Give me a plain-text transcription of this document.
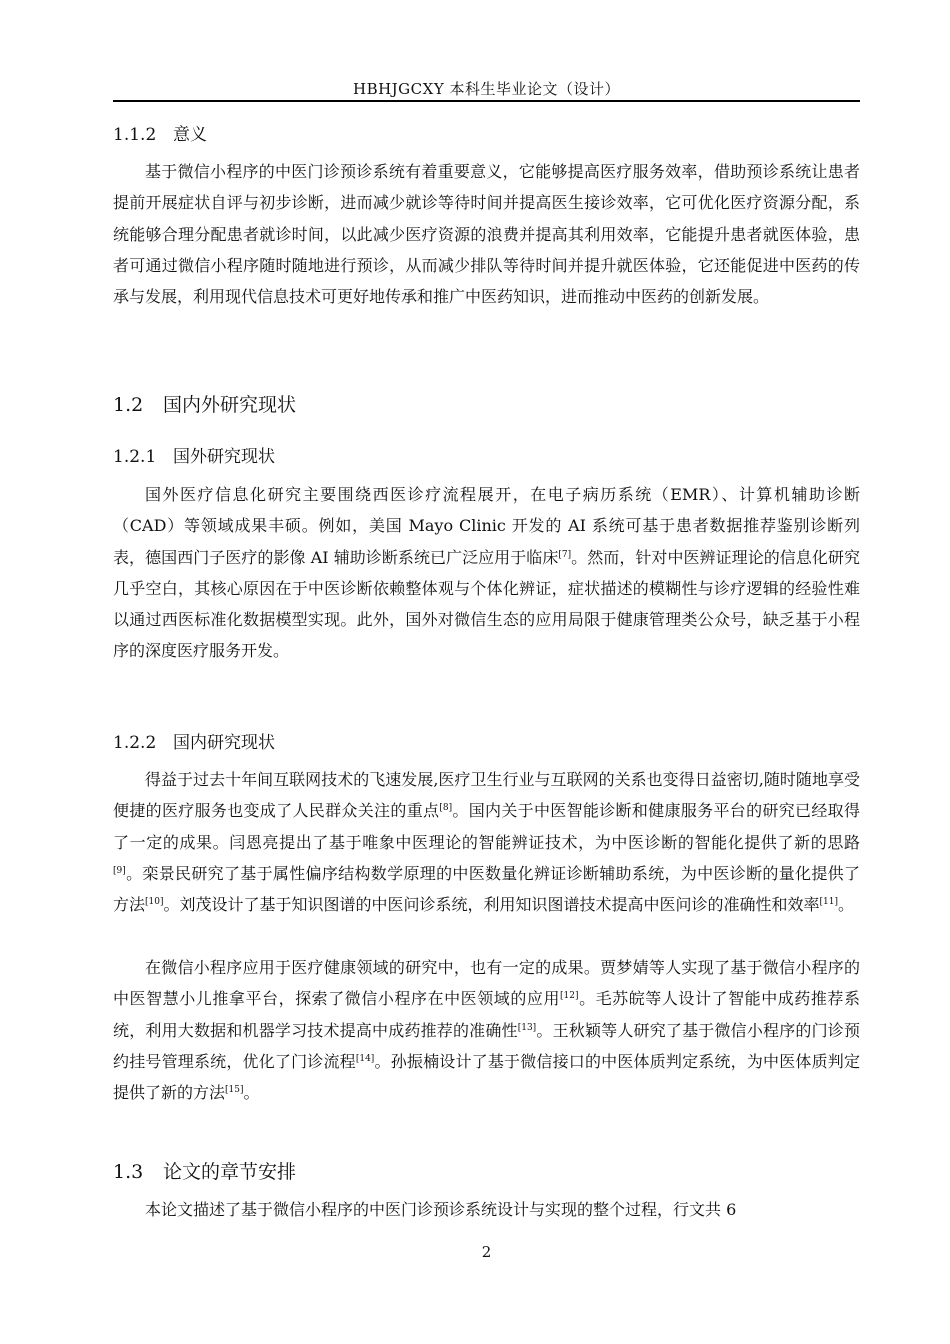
HBHJGCXY 本科生毕业论文（设计）
1.1.2 意义

基于微信小程序的中医门诊预诊系统有着重要意义，它能够提高医疗服务效率，借助预诊系统让患者提前开展症状自评与初步诊断，进而减少就诊等待时间并提高医生接诊效率，它可优化医疗资源分配，系统能够合理分配患者就诊时间，以此减少医疗资源的浪费并提高其利用效率，它能提升患者就医体验，患者可通过微信小程序随时随地进行预诊，从而减少排队等待时间并提升就医体验，它还能促进中医药的传承与发展，利用现代信息技术可更好地传承和推广中医药知识，进而推动中医药的创新发展。

1.2 国内外研究现状
1.2.1 国外研究现状

国外医疗信息化研究主要围绕西医诊疗流程展开，在电子病历系统（EMR）、计算机辅助诊断（CAD）等领域成果丰硕。例如，美国 Mayo Clinic 开发的 AI 系统可基于患者数据推荐鉴别诊断列表，德国西门子医疗的影像 AI 辅助诊断系统已广泛应用于临床[7]。然而，针对中医辨证理论的信息化研究几乎空白，其核心原因在于中医诊断依赖整体观与个体化辨证，症状描述的模糊性与诊疗逻辑的经验性难以通过西医标准化数据模型实现。此外，国外对微信生态的应用局限于健康管理类公众号，缺乏基于小程序的深度医疗服务开发。

1.2.2 国内研究现状

得益于过去十年间互联网技术的飞速发展,医疗卫生行业与互联网的关系也变得日益密切,随时随地享受便捷的医疗服务也变成了人民群众关注的重点[8]。国内关于中医智能诊断和健康服务平台的研究已经取得了一定的成果。闫恩亮提出了基于唯象中医理论的智能辨证技术，为中医诊断的智能化提供了新的思路[9]。栾景民研究了基于属性偏序结构数学原理的中医数量化辨证诊断辅助系统，为中医诊断的量化提供了方法[10]。刘茂设计了基于知识图谱的中医问诊系统，利用知识图谱技术提高中医问诊的准确性和效率[11]。

在微信小程序应用于医疗健康领域的研究中，也有一定的成果。贾梦婧等人实现了基于微信小程序的中医智慧小儿推拿平台，探索了微信小程序在中医领域的应用[12]。毛苏皖等人设计了智能中成药推荐系统，利用大数据和机器学习技术提高中成药推荐的准确性[13]。王秋颖等人研究了基于微信小程序的门诊预约挂号管理系统，优化了门诊流程[14]。孙振楠设计了基于微信接口的中医体质判定系统，为中医体质判定提供了新的方法[15]。

1.3 论文的章节安排

本论文描述了基于微信小程序的中医门诊预诊系统设计与实现的整个过程，行文共 6

2
